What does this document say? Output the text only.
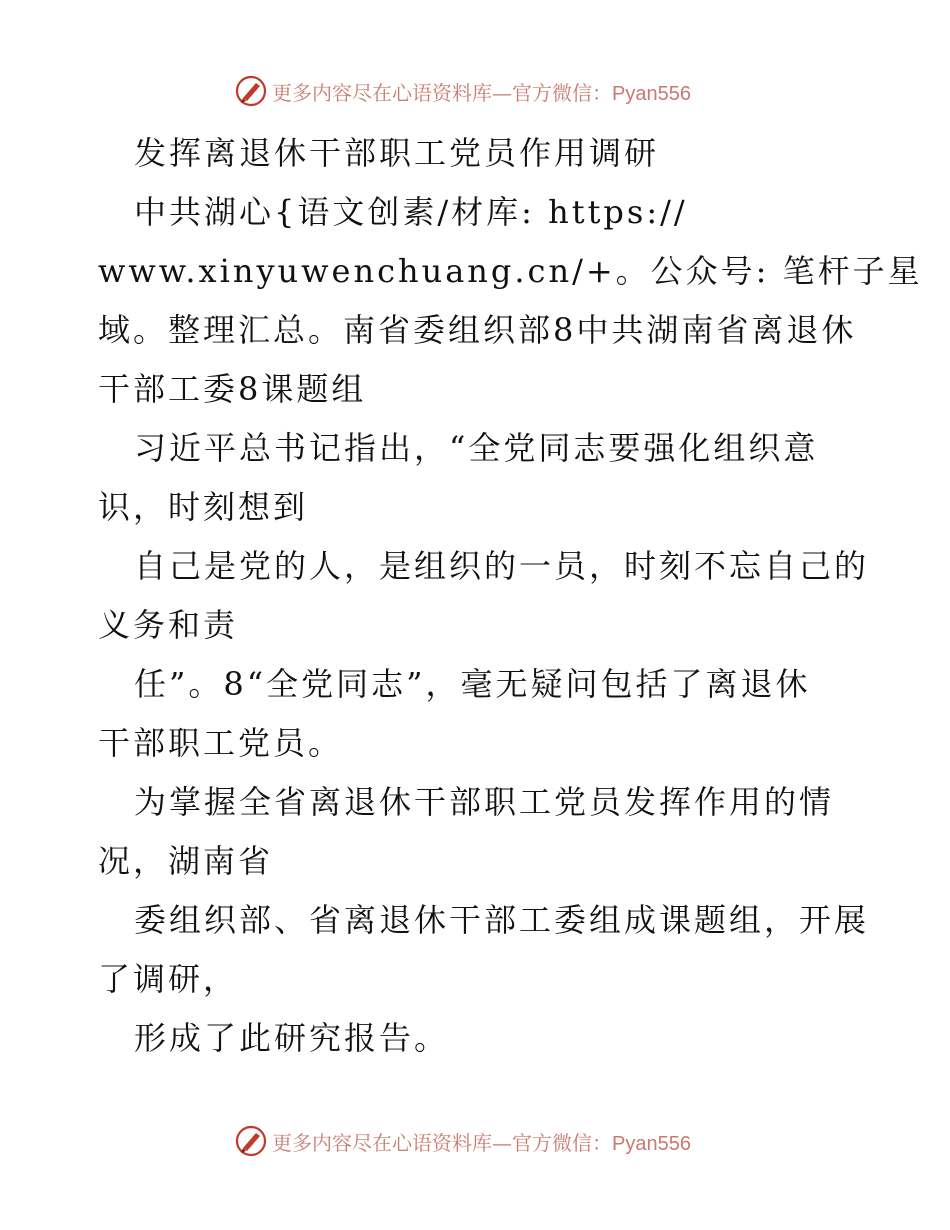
更多内容尽在心语资料库—官方微信：Pyan556
发挥离退休干部职工党员作用调研
中共湖心{语文创素/材库: https://
www.xinyuwenchuang.cn/+。公众号: 笔杆子星
域。整理汇总。南省委组织部8中共湖南省离退休
干部工委8课题组
习近平总书记指出，“全党同志要强化组织意
识，时刻想到
自己是党的人，是组织的一员，时刻不忘自己的
义务和责
任”。8“全党同志”，毫无疑问包括了离退休
干部职工党员。
为掌握全省离退休干部职工党员发挥作用的情
况，湖南省
委组织部、省离退休干部工委组成课题组，开展
了调研，
形成了此研究报告。
更多内容尽在心语资料库—官方微信：Pyan556
